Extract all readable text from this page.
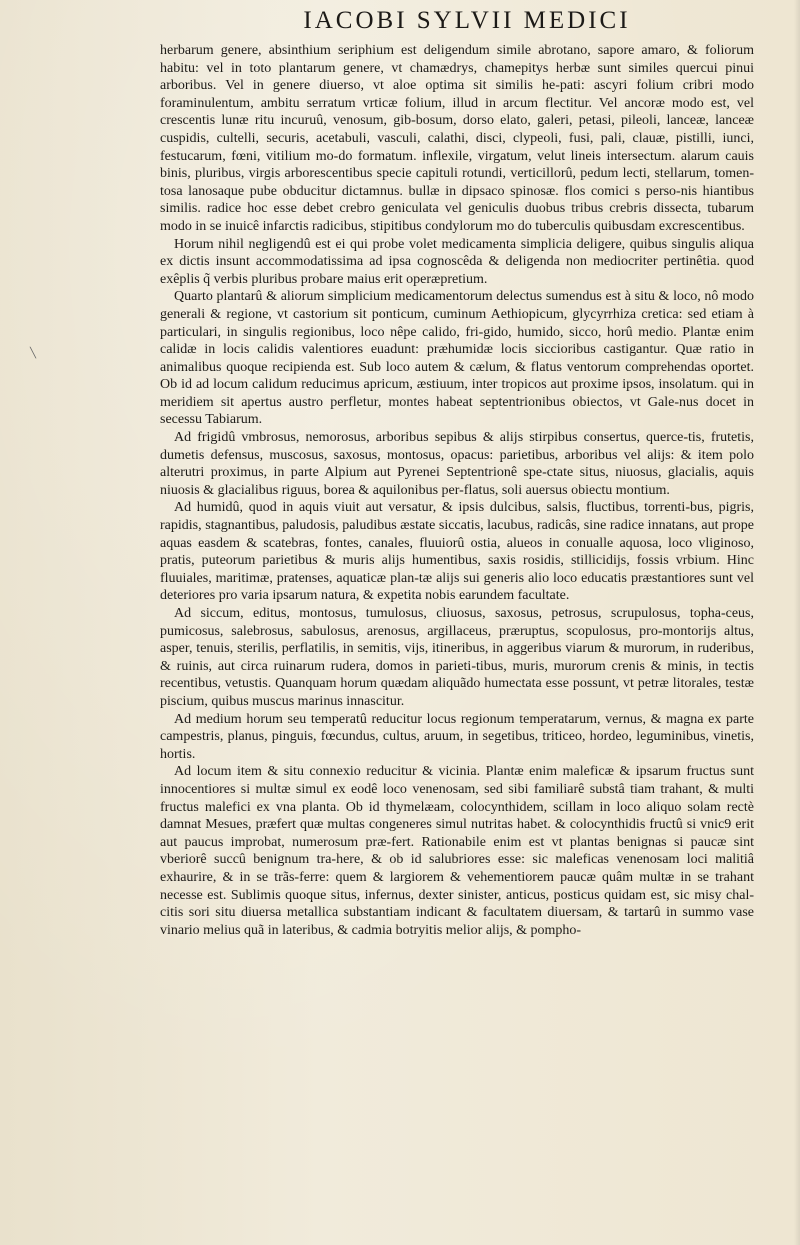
IACOBI SYLVII MEDICI

herbarum genere, absinthium seriphium est deligendum simile abrotano, sapore amaro, & foliorum habitu: vel in toto plantarum genere, vt chamædrys, chamepitys herbæ sunt similes quercui pinui arboribus. Vel in genere diuerso, vt aloe optima sit similis he-pati: ascyri folium cribri modo foraminulentum, ambitu serratum vrticæ folium, illud in arcum flectitur. Vel ancoræ modo est, vel crescentis lunæ ritu incuruû, venosum, gib-bosum, dorso elato, galeri, petasi, pileoli, lanceæ, lanceæ cuspidis, cultelli, securis, acetabuli, vasculi, calathi, disci, clypeoli, fusi, pali, clauæ, pistilli, iunci, festucarum, fœni, vitilium mo-do formatum. inflexile, virgatum, velut lineis intersectum. alarum cauis binis, pluribus, virgis arborescentibus specie capituli rotundi, verticillorû, pedum lecti, stellarum, tomen-tosa lanosaque pube obducitur dictamnus. bullæ in dipsaco spinosæ. flos comici s perso-nis hiantibus similis. radice hoc esse debet crebro geniculata vel geniculis duobus tribus crebris dissecta, tubarum modo in se inuicê infarctis radicibus, stipitibus condylorum mo do tuberculis quibusdam excrescentibus.

Horum nihil negligendû est ei qui probe volet medicamenta simplicia deligere, quibus singulis aliqua ex dictis insunt accommodatissima ad ipsa cognoscêda & deligenda non mediocriter pertinêtia. quod exêplis q̃ verbis pluribus probare maius erit operæpretium.

Quarto plantarû & aliorum simplicium medicamentorum delectus sumendus est à situ & loco, nô modo generali & regione, vt castorium sit ponticum, cuminum Aethiopicum, glycyrrhiza cretica: sed etiam à particulari, in singulis regionibus, loco nêpe calido, fri-gido, humido, sicco, horû medio. Plantæ enim calidæ in locis calidis valentiores euadunt: præhumidæ locis siccioribus castigantur. Quæ ratio in animalibus quoque recipienda est. Sub loco autem & cælum, & flatus ventorum comprehendas oportet. Ob id ad locum calidum reducimus apricum, æstiuum, inter tropicos aut proxime ipsos, insolatum. qui in meridiem sit apertus austro perfletur, montes habeat septentrionibus obiectos, vt Gale-nus docet in secessu Tabiarum.

Ad frigidû vmbrosus, nemorosus, arboribus sepibus & alijs stirpibus consertus, querce-tis, frutetis, dumetis defensus, muscosus, saxosus, montosus, opacus: parietibus, arboribus vel alijs: & item polo alterutri proximus, in parte Alpium aut Pyrenei Septentrionê spe-ctate situs, niuosus, glacialis, aquis niuosis & glacialibus riguus, borea & aquilonibus per-flatus, soli auersus obiectu montium.

Ad humidû, quod in aquis viuit aut versatur, & ipsis dulcibus, salsis, fluctibus, torrenti-bus, pigris, rapidis, stagnantibus, paludosis, paludibus æstate siccatis, lacubus, radicâs, sine radice innatans, aut prope aquas easdem & scatebras, fontes, canales, fluuiorû ostia, alueos in conualle aquosa, loco vliginoso, pratis, puteorum parietibus & muris alijs humentibus, saxis rosidis, stillicidijs, fossis vrbium. Hinc fluuiales, maritimæ, pratenses, aquaticæ plan-tæ alijs sui generis alio loco educatis præstantiores sunt vel deteriores pro varia ipsarum natura, & expetita nobis earundem facultate.

Ad siccum, editus, montosus, tumulosus, cliuosus, saxosus, petrosus, scrupulosus, topha-ceus, pumicosus, salebrosus, sabulosus, arenosus, argillaceus, præruptus, scopulosus, pro-montorijs altus, asper, tenuis, sterilis, perflatilis, in semitis, vijs, itineribus, in aggeribus viarum & murorum, in ruderibus, & ruinis, aut circa ruinarum rudera, domos in parieti-tibus, muris, murorum crenis & minis, in tectis recentibus, vetustis. Quanquam horum quædam aliquãdo humectata esse possunt, vt petræ litorales, testæ piscium, quibus muscus marinus innascitur.

Ad medium horum seu temperatû reducitur locus regionum temperatarum, vernus, & magna ex parte campestris, planus, pinguis, fœcundus, cultus, aruum, in segetibus, triticeo, hordeo, leguminibus, vinetis, hortis.

Ad locum item & situ connexio reducitur & vicinia. Plantæ enim maleficæ & ipsarum fructus sunt innocentiores si multæ simul ex eodê loco venenosam, sed sibi familiarê substâ tiam trahant, & multi fructus malefici ex vna planta. Ob id thymelæam, colocynthidem, scillam in loco aliquo solam rectè damnat Mesues, præfert quæ multas congeneres simul nutritas habet. & colocynthidis fructû si vnic9 erit aut paucus improbat, numerosum præ-fert. Rationabile enim est vt plantas benignas si paucæ sint vberiorê succû benignum tra-here, & ob id salubriores esse: sic maleficas venenosam loci malitiâ exhaurire, & in se trãs-ferre: quem & largiorem & vehementiorem paucæ quâm multæ in se trahant necesse est. Sublimis quoque situs, infernus, dexter sinister, anticus, posticus quidam est, sic misy chal-citis sori situ diuersa metallica substantiam indicant & facultatem diuersam, & tartarû in summo vase vinario melius quã in lateribus, & cadmia botryitis melior alijs, & pompho-

╲
